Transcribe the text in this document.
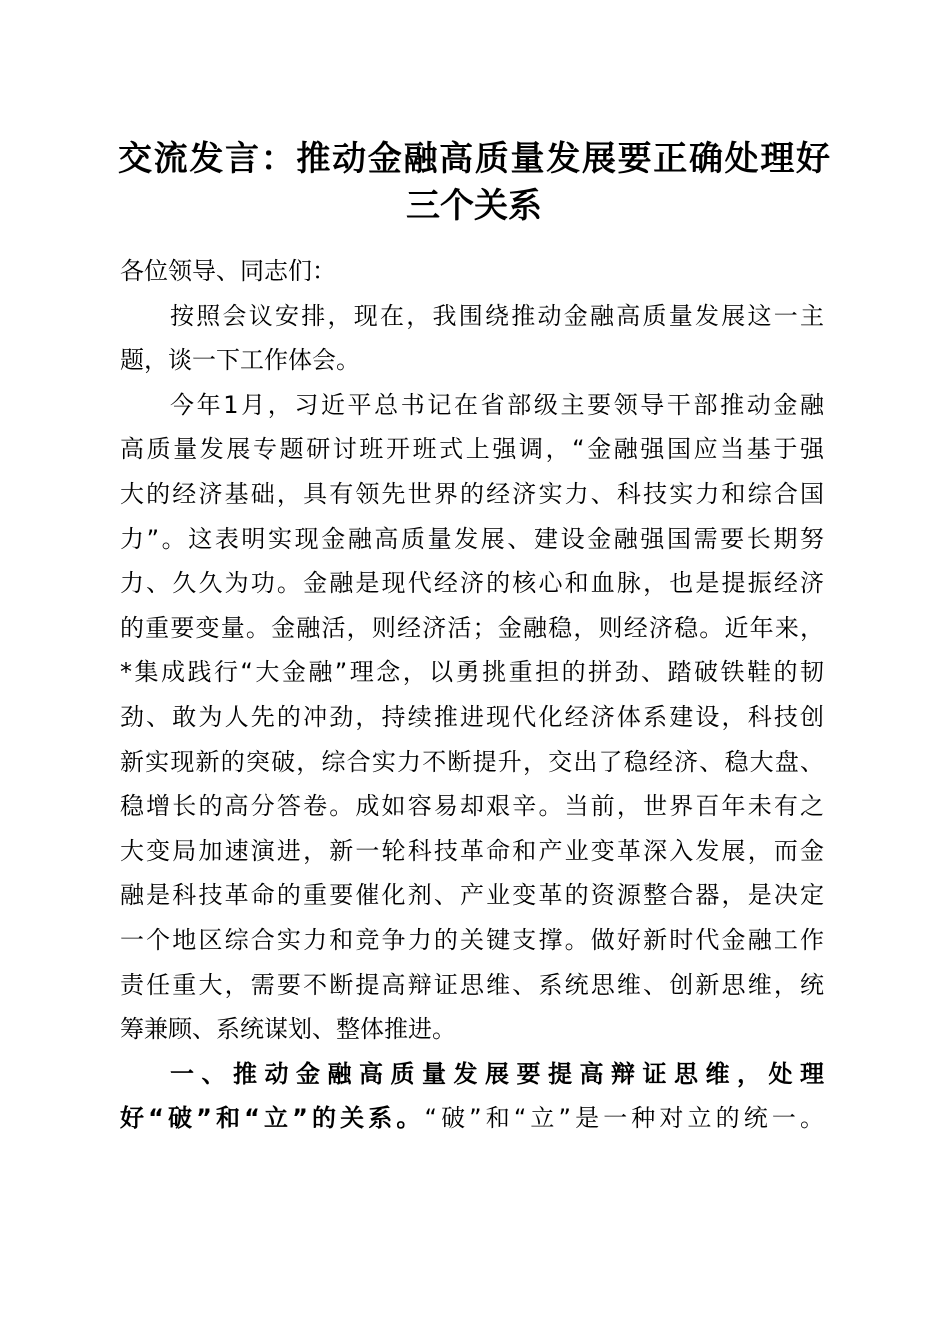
交流发言：推动金融高质量发展要正确处理好
三个关系
各位领导、同志们：
按照会议安排，现在，我围绕推动金融高质量发展这一主
题，谈一下工作体会。
今年1月，习近平总书记在省部级主要领导干部推动金融
高质量发展专题研讨班开班式上强调，“金融强国应当基于强
大的经济基础，具有领先世界的经济实力、科技实力和综合国
力”。这表明实现金融高质量发展、建设金融强国需要长期努
力、久久为功。金融是现代经济的核心和血脉，也是提振经济
的重要变量。金融活，则经济活；金融稳，则经济稳。近年来，
*集成践行“大金融”理念，以勇挑重担的拼劲、踏破铁鞋的韧
劲、敢为人先的冲劲，持续推进现代化经济体系建设，科技创
新实现新的突破，综合实力不断提升，交出了稳经济、稳大盘、
稳增长的高分答卷。成如容易却艰辛。当前，世界百年未有之
大变局加速演进，新一轮科技革命和产业变革深入发展，而金
融是科技革命的重要催化剂、产业变革的资源整合器，是决定
一个地区综合实力和竞争力的关键支撑。做好新时代金融工作
责任重大，需要不断提高辩证思维、系统思维、创新思维，统
筹兼顾、系统谋划、整体推进。
一、推动金融高质量发展要提高辩证思维，处理
好“破”和“立”的关系。“破”和“立”是一种对立的统一。
